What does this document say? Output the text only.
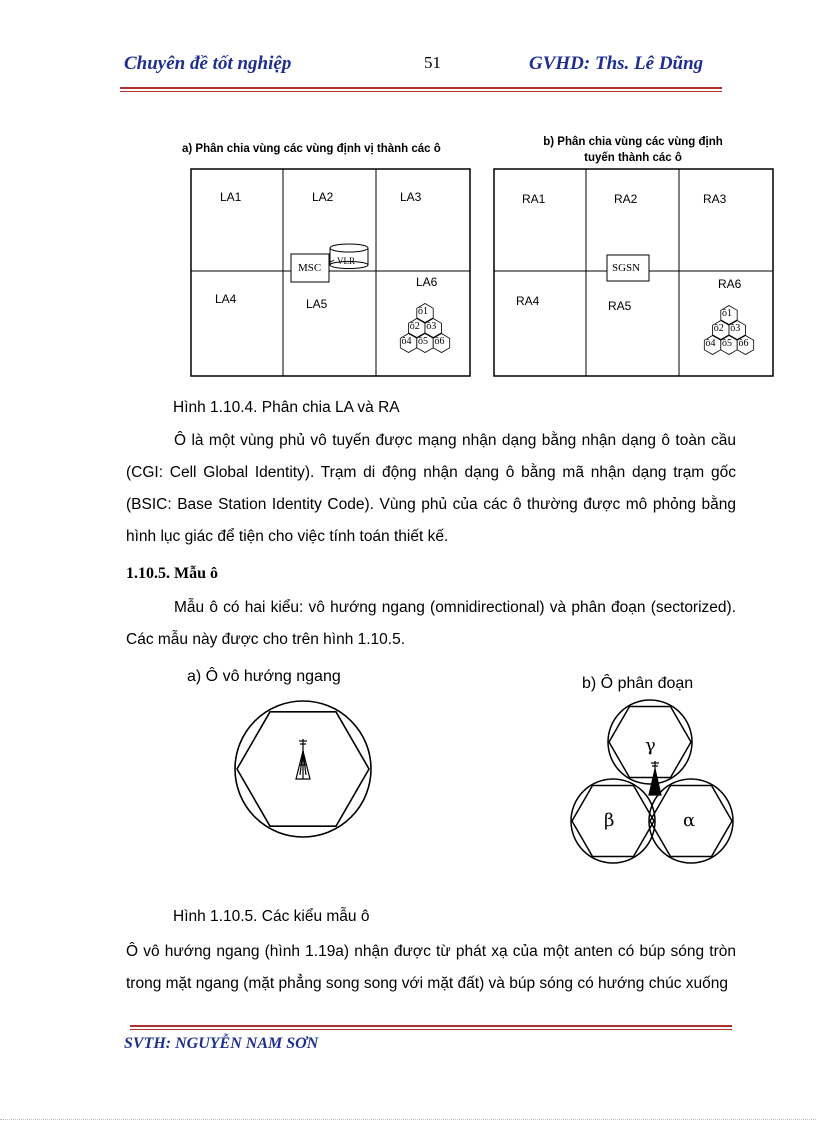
Chuyên đề tốt nghiệp	51	GVHD: Ths. Lê Dũng
a) Phân chia vùng các vùng định vị thành các ô
b) Phân chia vùng các vùng định
tuyến thành các ô
LA1	LA2	LA3
LA4	LA5
LA6
MSC
VLR
ô1
ô2 ô3
ô4 ô5 ô6
RA1	RA2	RA3
RA4	RA5
RA6
SGSN
ô1
ô2 ô3
ô4 ô5 ô6
Hình 1.10.4. Phân chia LA và RA
Ô là một vùng phủ vô tuyến được mạng nhận dạng bằng nhận dạng ô toàn cầu (CGI: Cell Global Identity). Trạm di động nhận dạng ô bằng mã nhận dạng trạm gốc (BSIC: Base Station Identity Code). Vùng phủ của các ô thường được mô phỏng bằng hình lục giác để tiện cho việc tính toán thiết kế.
1.10.5. Mẫu ô
Mẫu ô có hai kiểu: vô hướng ngang (omnidirectional) và phân đoạn (sectorized). Các mẫu này được cho trên hình 1.10.5.
a) Ô vô hướng ngang	b) Ô phân đoạn
γ
β	α
Hình 1.10.5. Các kiểu mẫu ô
Ô vô hướng ngang (hình 1.19a) nhận được từ phát xạ của một anten có búp sóng tròn trong mặt ngang (mặt phẳng song song với mặt đất) và búp sóng có hướng chúc xuống
SVTH: NGUYỄN NAM SƠN
